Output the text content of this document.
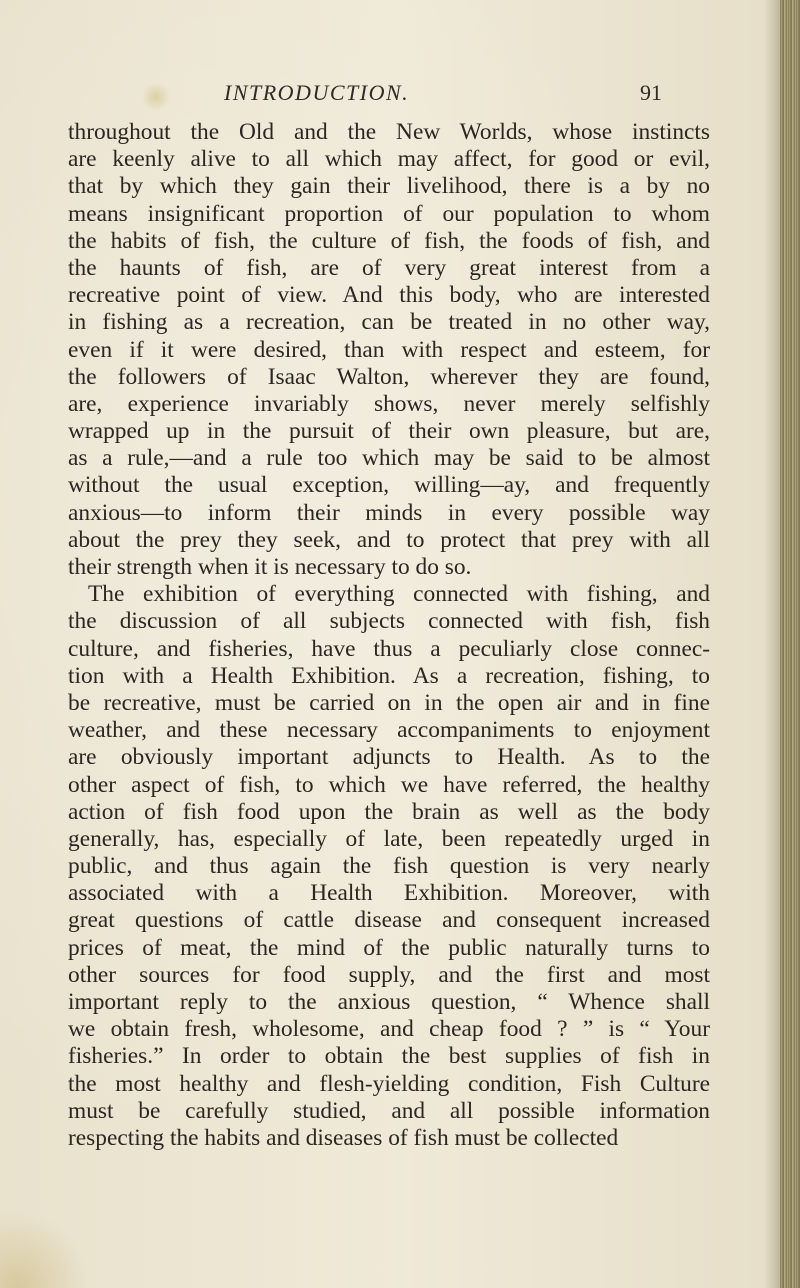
INTRODUCTION.	91
throughout the Old and the New Worlds, whose instincts
are keenly alive to all which may affect, for good or evil,
that by which they gain their livelihood, there is a by no
means insignificant proportion of our population to whom
the habits of fish, the culture of fish, the foods of fish, and
the haunts of fish, are of very great interest from a
recreative point of view. And this body, who are interested
in fishing as a recreation, can be treated in no other way,
even if it were desired, than with respect and esteem, for
the followers of Isaac Walton, wherever they are found,
are, experience invariably shows, never merely selfishly
wrapped up in the pursuit of their own pleasure, but are,
as a rule,—and a rule too which may be said to be almost
without the usual exception, willing—ay, and frequently
anxious—to inform their minds in every possible way
about the prey they seek, and to protect that prey with all
their strength when it is necessary to do so.
The exhibition of everything connected with fishing, and
the discussion of all subjects connected with fish, fish
culture, and fisheries, have thus a peculiarly close connec-
tion with a Health Exhibition. As a recreation, fishing, to
be recreative, must be carried on in the open air and in fine
weather, and these necessary accompaniments to enjoyment
are obviously important adjuncts to Health. As to the
other aspect of fish, to which we have referred, the healthy
action of fish food upon the brain as well as the body
generally, has, especially of late, been repeatedly urged in
public, and thus again the fish question is very nearly
associated with a Health Exhibition. Moreover, with
great questions of cattle disease and consequent increased
prices of meat, the mind of the public naturally turns to
other sources for food supply, and the first and most
important reply to the anxious question, “ Whence shall
we obtain fresh, wholesome, and cheap food ? ” is “ Your
fisheries.” In order to obtain the best supplies of fish in
the most healthy and flesh-yielding condition, Fish Culture
must be carefully studied, and all possible information
respecting the habits and diseases of fish must be collected
